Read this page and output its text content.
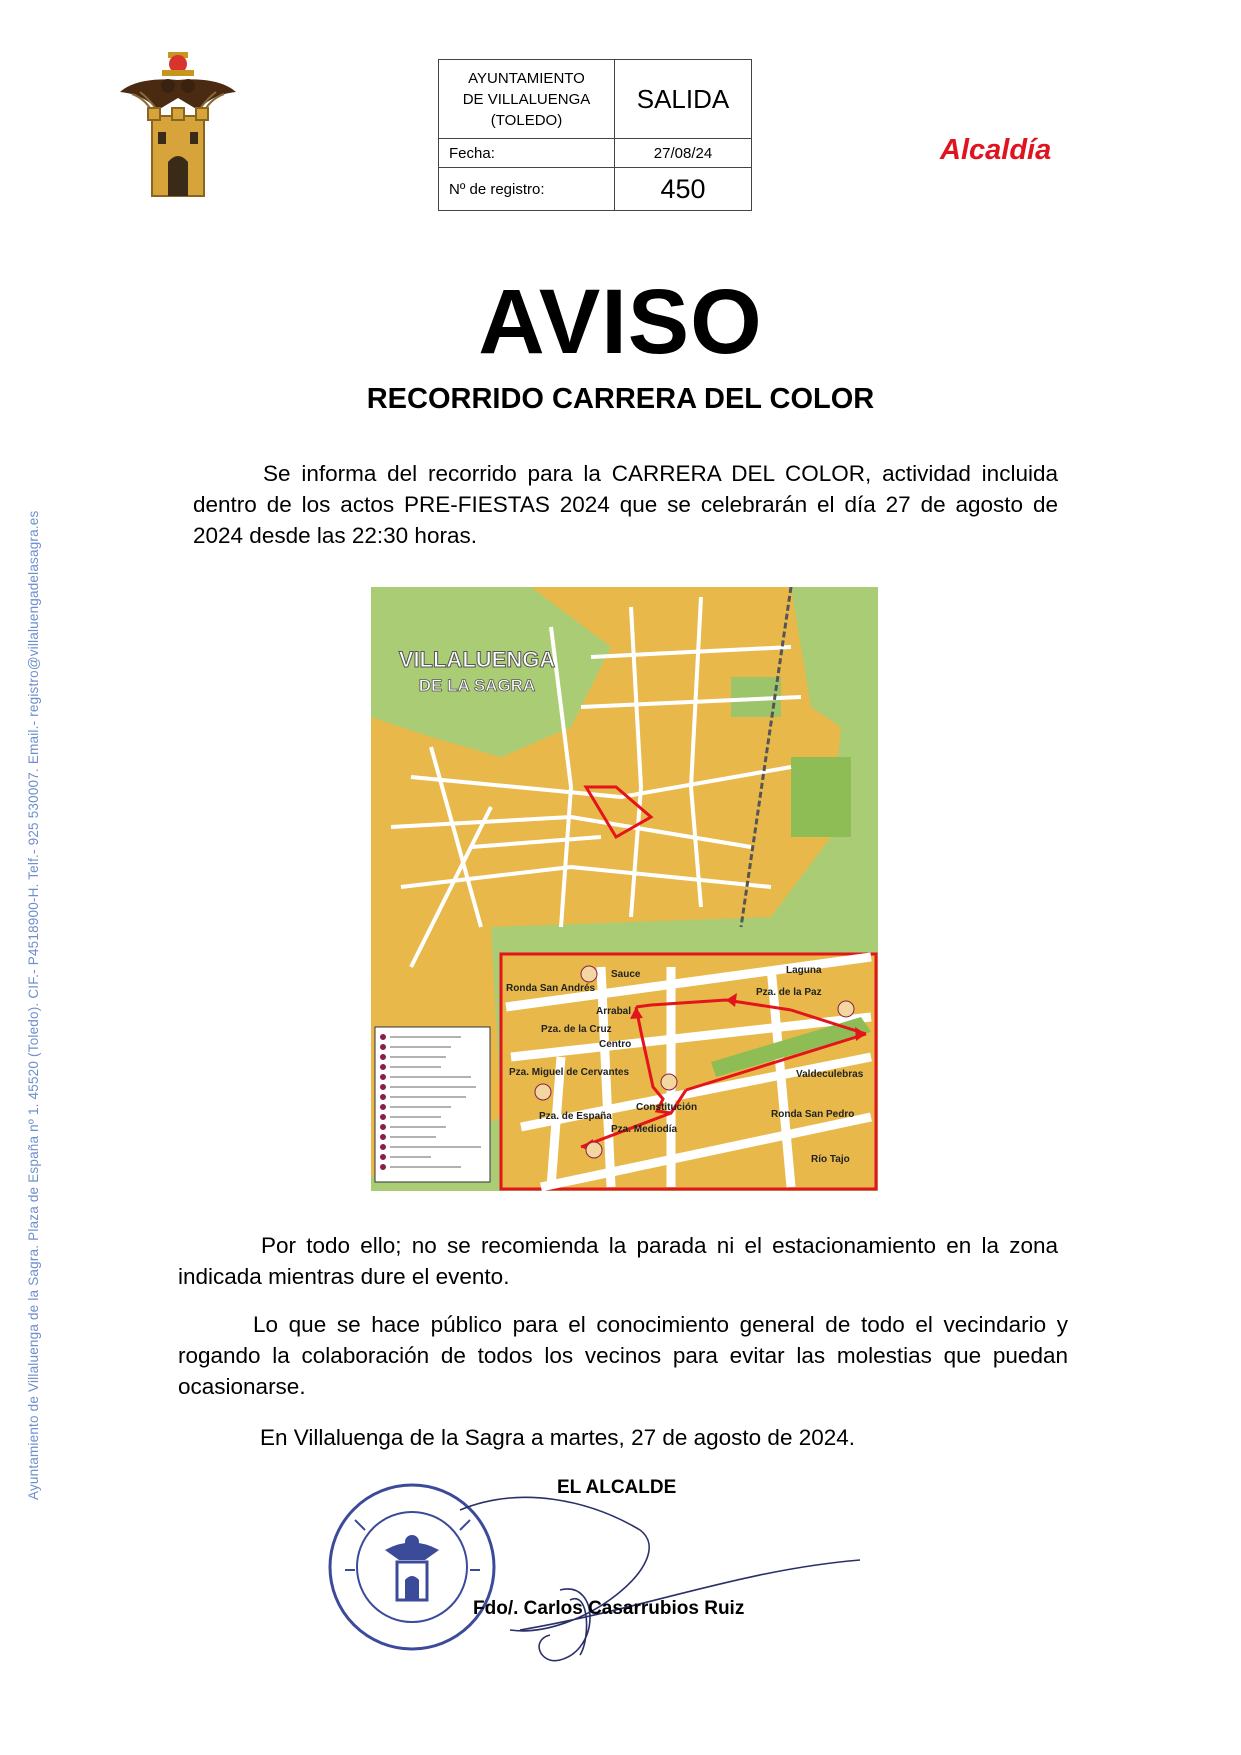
AYUNTAMIENTO
DE VILLALUENGA
(TOLEDO)	SALIDA
Fecha:	27/08/24
Nº de registro:	450
Alcaldía
Ayuntamiento de Villaluenga de la Sagra. Plaza de España nº 1. 45520 (Toledo). CIF.- P4518900-H. Telf.- 925 530007. Email.- registro@villaluengadelasagra.es
AVISO
RECORRIDO CARRERA DEL COLOR
Se informa del recorrido para la CARRERA DEL COLOR, actividad incluida dentro de los actos PRE-FIESTAS 2024 que se celebrarán el día 27 de agosto de 2024 desde las 22:30 horas.
VILLALUENGA
DE LA SAGRA
Sauce	Laguna
Pza. de la Paz
Arrabal
Pza. de la Cruz
Centro
Pza. Miguel de Cervantes
Pza. de España
Pza. Mediodía
Constitución
Valdeculebras
Ronda San Pedro
Río Tajo
Ronda San Andrés
Por todo ello; no se recomienda la parada ni el estacionamiento en la zona indicada mientras dure el evento.
Lo que se hace público para el conocimiento general de todo el vecindario y rogando la colaboración de todos los vecinos para evitar las molestias que puedan ocasionarse.
En Villaluenga de la Sagra a martes, 27 de agosto de 2024.
EL ALCALDE
Fdo/. Carlos Casarrubios Ruiz
